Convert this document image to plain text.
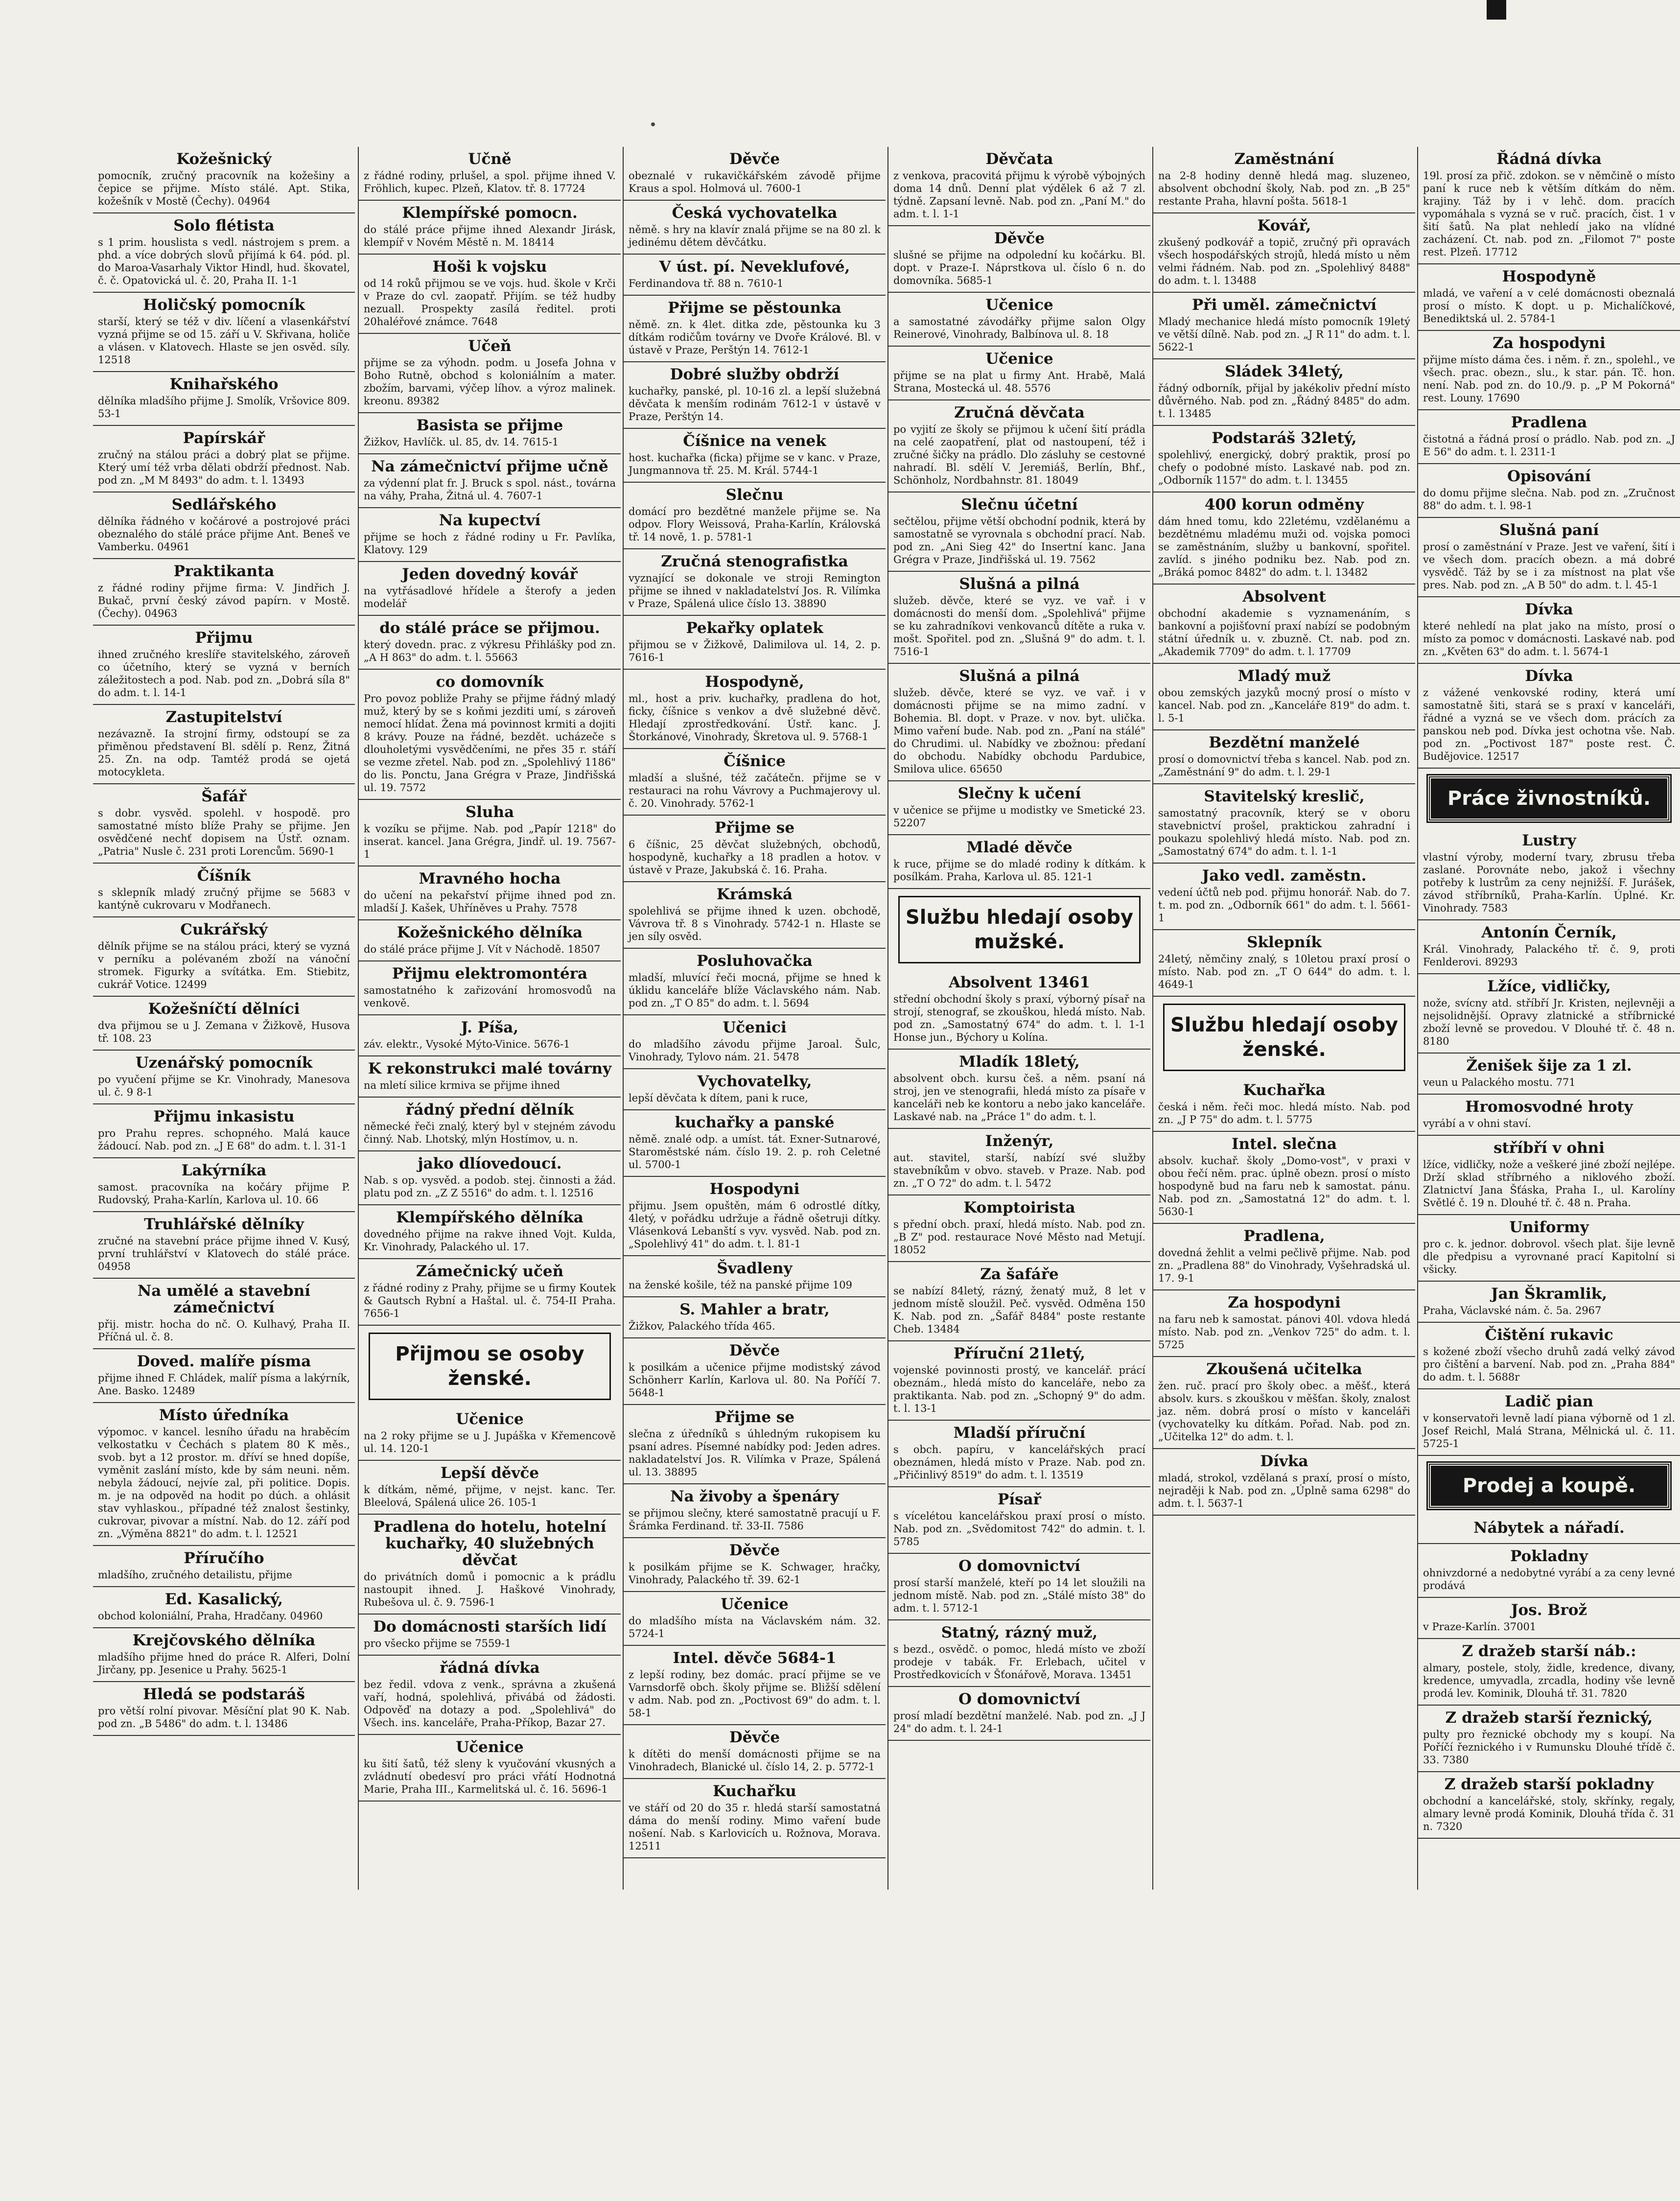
Kožešnický
pomocník, zručný pracovník na kožešiny a čepice se přijme. Místo stálé. Apt. Stika, kožešník v Mostě (Čechy). 04964
Solo flétista
s 1 prim. houslista s vedl. nástrojem s prem. a phd. a více dobrých slovů přijímá k 64. pód. pl. do Maroa-Vasarhaly Viktor Hindl, hud. škovatel, č. č. Opatovická ul. č. 20, Praha II. 1-1
Holičský pomocník
starší, který se též v div. líčení a vlasenkářství vyzná přijme se od 15. září u V. Skřivana, holiče a vlásen. v Klatovech. Hlaste se jen osvěd. síly. 12518
Knihařského
dělníka mladšího přijme J. Smolík, Vršovice 809. 53-1
Papírskář
zručný na stálou práci a dobrý plat se přijme. Který umí též vrba dělati obdrží přednost. Nab. pod zn. „M M 8493" do adm. t. l. 13493
Sedlářského
dělníka řádného v kočárové a postrojové práci obeznalého do stálé práce přijme Ant. Beneš ve Vamberku. 04961
Praktikanta
z řádné rodiny přijme firma: V. Jindřich J. Bukač, první český závod papírn. v Mostě. (Čechy). 04963
Přijmu
ihned zručného kreslíře stavitelského, zároveň co účetního, který se vyzná v berních záležitostech a pod. Nab. pod zn. „Dobrá síla 8" do adm. t. l. 14-1
Zastupitelství
nezávazně. Ia strojní firmy, odstoupí se za přiměnou představení Bl. sdělí p. Renz, Žitná 25. Zn. na odp. Tamtéž prodá se ojetá motocykleta.
Šafář
s dobr. vysvěd. spolehl. v hospodě. pro samostatné místo blíže Prahy se přijme. Jen osvědčené nechť dopisem na Ústř. oznam. „Patria" Nusle č. 231 proti Lorencům. 5690-1
Číšník
s sklepník mladý zručný přijme se 5683 v kantýně cukrovaru v Modřanech.
Cukrářský
dělník přijme se na stálou práci, který se vyzná v perníku a polévaném zboží na vánoční stromek. Figurky a svítátka. Em. Stiebitz, cukrář Votice. 12499
Kožešníčtí dělníci
dva přijmou se u J. Zemana v Žižkově, Husova tř. 108. 23
Uzenářský pomocník
po vyučení přijme se Kr. Vinohrady, Manesova ul. č. 9 8-1
Přijmu inkasistu
pro Prahu repres. schopného. Malá kauce žádoucí. Nab. pod zn. „J E 68" do adm. t. l. 31-1
Lakýrníka
samost. pracovníka na kočáry přijme P. Rudovský, Praha-Karlín, Karlova ul. 10. 66
Truhlářské dělníky
zručné na stavební práce přijme ihned V. Kusý, první truhlářství v Klatovech do stálé práce. 04958
Na umělé a stavební zámečnictví
přij. mistr. hocha do nč. O. Kulhavý, Praha II. Příčná ul. č. 8.
Doved. malíře písma
přijme ihned F. Chládek, malíř písma a lakýrník, Ane. Basko. 12489
Místo úředníka
výpomoc. v kancel. lesního úřadu na hraběcím velkostatku v Čechách s platem 80 K měs., svob. byt a 12 prostor. m. dříví se hned dopíše, vyměnit zaslání místo, kde by sám neuni. něm. nebyla žádoucí, nejvíe zal, při politice. Dopis. m. je na odpověd na hodit po dúch. a ohlásit stav vyhlaskou., případné též znalost šestinky, cukrovar, pivovar a místní. Nab. do 12. září pod zn. „Výměna 8821" do adm. t. l. 12521
Příručího
mladšího, zručného detailistu, přijme
Ed. Kasalický,
obchod koloniální, Praha, Hradčany. 04960
Krejčovského dělníka
mladšího přijme hned do práce R. Alferi, Dolní Jirčany, pp. Jesenice u Prahy. 5625-1
Hledá se podstaráš
pro větší rolní pivovar. Měsíční plat 90 K. Nab. pod zn. „B 5486" do adm. t. l. 13486
Učně
z řádné rodiny, prlušel, a spol. přijme ihned V. Fröhlich, kupec. Plzeň, Klatov. tř. 8. 17724
Klempířské pomocn.
do stálé práce přijme ihned Alexandr Jirásk, klempíř v Novém Městě n. M. 18414
Hoši k vojsku
od 14 roků přijmou se ve vojs. hud. škole v Krči v Praze do cvl. zaopatř. Přijím. se též hudby nezuall. Prospekty zasílá ředitel. proti 20haléřové známce. 7648
Učeň
přijme se za výhodn. podm. u Josefa Johna v Boho Rutně, obchod s koloniálním a mater. zbožím, barvami, výčep líhov. a výroz malinek. kreonu. 89382
Basista se přijme
Žižkov, Havlíčk. ul. 85, dv. 14. 7615-1
Na zámečnictví přijme učně
za výdenní plat fr. J. Bruck s spol. nást., továrna na váhy, Praha, Žitná ul. 4. 7607-1
Na kupectví
přijme se hoch z řádné rodiny u Fr. Pavlíka, Klatovy. 129
Jeden dovedný kovář
na vytřásadlové hřídele a šterofy a jeden modelář
do stálé práce se přijmou.
který dovedn. prac. z výkresu Přihlášky pod zn. „A H 863" do adm. t. l. 55663
co domovník
Pro povoz pobliže Prahy se přijme řádný mladý muž, který by se s koňmi jezditi umí, s zároveň nemocí hlídat. Žena má povinnost krmiti a dojiti 8 krávy. Pouze na řádné, bezdět. ucházeče s dlouholetými vysvědčeními, ne přes 35 r. stáří se vezme zřetel. Nab. pod zn. „Spolehlivý 1186" do lis. Ponctu, Jana Grégra v Praze, Jindřišská ul. 19. 7572
Sluha
k vozíku se přijme. Nab. pod „Papír 1218" do inserat. kancel. Jana Grégra, Jindř. ul. 19. 7567-1
Mravného hocha
do učení na pekařství přijme ihned pod zn. mladší J. Kašek, Uhříněves u Prahy. 7578
Kožešnického dělníka
do stálé práce přijme J. Vít v Náchodě. 18507
Přijmu elektromontéra
samostatného k zařizování hromosvodů na venkově.
J. Píša,
záv. elektr., Vysoké Mýto-Vinice. 5676-1
K rekonstrukci malé továrny
na mletí silice krmiva se přijme ihned
řádný přední dělník
německé řeči znalý, který byl v stejném závodu činný. Nab. Lhotský, mlýn Hostímov, u. n.
jako dlíovedoucí.
Nab. s op. vysvěd. a podob. stej. činnosti a žád. platu pod zn. „Z Z 5516" do adm. t. l. 12516
Klempířského dělníka
dovedného přijme na rakve ihned Vojt. Kulda, Kr. Vinohrady, Palackého ul. 17.
Zámečnický učeň
z řádné rodiny z Prahy, přijme se u firmy Koutek & Gautsch Rybní a Haštal. ul. č. 754-II Praha. 7656-1
Přijmou se osoby ženské.
Učenice
na 2 roky přijme se u J. Jupáška v Křemencově ul. 14. 120-1
Lepší děvče
k dítkám, němé, přijme, v nejst. kanc. Ter. Bleelová, Spálená ulice 26. 105-1
Pradlena do hotelu, hotelní kuchařky, 40 služebných děvčat
do privátních domů i pomocnic a k prádlu nastoupit ihned. J. Haškové Vinohrady, Rubešova ul. č. 9. 7596-1
Do domácnosti starších lidí
pro všecko přijme se 7559-1
řádná dívka
bez ředil. vdova z venk., správna a zkušená vaří, hodná, spolehlivá, přivábá od žádosti. Odpověď na dotazy a pod. „Spolehlivá" do Všech. ins. kanceláře, Praha-Příkop, Bazar 27.
Učenice
ku šití šatů, též sleny k vyučování vkusných a zvládnutí obedesví pro práci vřátí Hodnotná Marie, Praha III., Karmelitská ul. č. 16. 5696-1
Děvče
obeznalé v rukavičkářském závodě přijme Kraus a spol. Holmová ul. 7600-1
Česká vychovatelka
němě. s hry na klavír znalá přijme se na 80 zl. k jedinému dětem děvčátku.
V úst. pí. Neveklufové,
Ferdinandova tř. 88 n. 7610-1
Přijme se pěstounka
němě. zn. k 4let. ditka zde, pěstounka ku 3 dítkám rodičům továrny ve Dvoře Králové. Bl. v ústavě v Praze, Perštýn 14. 7612-1
Dobré služby obdrží
kuchařky, panské, pl. 10-16 zl. a lepší služebná děvčata k menším rodinám 7612-1 v ústavě v Praze, Perštýn 14.
Číšnice na venek
host. kuchařka (ficka) přijme se v kanc. v Praze, Jungmannova tř. 25. M. Král. 5744-1
Slečnu
domácí pro bezdětné manžele přijme se. Na odpov. Flory Weissová, Praha-Karlín, Královská tř. 14 nově, 1. p. 5781-1
Zručná stenografistka
vyznající se dokonale ve stroji Remington přijme se ihned v nakladatelství Jos. R. Vilímka v Praze, Spálená ulice číslo 13. 38890
Pekařky oplatek
přijmou se v Žižkově, Dalimilova ul. 14, 2. p. 7616-1
Hospodyně,
ml., host a priv. kuchařky, pradlena do hot, ficky, číšnice s venkov a dvě služebné děvč. Hledají zprostředkování. Ústř. kanc. J. Štorkánové, Vinohrady, Škretova ul. 9. 5768-1
Číšnice
mladší a slušné, též začátečn. přijme se v restauraci na rohu Vávrovy a Puchmajerovy ul. č. 20. Vinohrady. 5762-1
Přijme se
6 číšnic, 25 děvčat služebných, obchodů, hospodyně, kuchařky a 18 pradlen a hotov. v ústavě v Praze, Jakubská č. 16. Praha.
Krámská
spolehlivá se přijme ihned k uzen. obchodě, Vávrova tř. 8 s Vinohrady. 5742-1 n. Hlaste se jen síly osvěd.
Posluhovačka
mladší, mluvící řeči mocná, přijme se hned k úklidu kanceláře blíže Václavského nám. Nab. pod zn. „T O 85" do adm. t. l. 5694
Učenici
do mladšího závodu přijme Jaroal. Šulc, Vinohrady, Tylovo nám. 21. 5478
Vychovatelky,
lepší děvčata k dítem, pani k ruce,
kuchařky a panské
němě. znalé odp. a umíst. tát. Exner-Sutnarové, Staroměstské nám. číslo 19. 2. p. roh Celetné ul. 5700-1
Hospodyni
přijmu. Jsem opuštěn, mám 6 odrostlé dítky, 4letý, v pořádku udržuje a řádně ošetruji dítky. Vlásenková Lebanští s vyv. vysvěd. Nab. pod zn. „Spolehlivý 41" do adm. t. l. 81-1
Švadleny
na ženské košile, též na panské přijme 109
S. Mahler a bratr,
Žižkov, Palackého třída 465.
Děvče
k posilkám a učenice přijme modistský závod Schönherr Karlín, Karlova ul. 80. Na Poříčí 7. 5648-1
Přijme se
slečna z úředníků s úhledným rukopisem ku psaní adres. Písemné nabídky pod: Jeden adres. nakladatelství Jos. R. Vilímka v Praze, Spálená ul. 13. 38895
Na živoby a špenáry
se přijmou slečny, které samostatně pracují u F. Šrámka Ferdinand. tř. 33-II. 7586
Děvče
k posilkám přijme se K. Schwager, hračky, Vinohrady, Palackého tř. 39. 62-1
Učenice
do mladšího místa na Václavském nám. 32. 5724-1
Intel. děvče 5684-1
z lepší rodiny, bez domác. prací přijme se ve Varnsdorfě obch. školy přijme se. Bližší sdělení v adm. Nab. pod zn. „Poctivost 69" do adm. t. l. 58-1
Děvče
k dítěti do menší domácnosti přijme se na Vinohradech, Blanické ul. číslo 14, 2. p. 5772-1
Kuchařku
ve stáří od 20 do 35 r. hledá starší samostatná dáma do menší rodiny. Mimo vaření bude nošení. Nab. s Karlovicích u. Rožnova, Morava. 12511
Děvčata
z venkova, pracovitá přijmu k výrobě výbojných doma 14 dnů. Denní plat výdělek 6 až 7 zl. týdně. Zapsaní levně. Nab. pod zn. „Paní M." do adm. t. l. 1-1
Děvče
slušné se přijme na odpolední ku kočárku. Bl. dopt. v Praze-I. Náprstkova ul. číslo 6 n. do domovníka. 5685-1
Učenice
a samostatné závodářky přijme salon Olgy Reinerové, Vinohrady, Balbínova ul. 8. 18
Učenice
přijme se na plat u firmy Ant. Hrabě, Malá Strana, Mostecká ul. 48. 5576
Zručná děvčata
po vyjití ze školy se přijmou k učení šití prádla na celé zaopatření, plat od nastoupení, též i zručné šičky na prádlo. Dlo zásluhy se cestovné nahradí. Bl. sdělí V. Jeremiáš, Berlín, Bhf., Schönholz, Nordbahnstr. 81. 18049
Slečnu účetní
sečtělou, přijme větší obchodní podnik, která by samostatně se vyrovnala s obchodní prací. Nab. pod zn. „Ani Sieg 42" do Insertní kanc. Jana Grégra v Praze, Jindřišská ul. 19. 7562
Slušná a pilná
služeb. děvče, které se vyz. ve vař. i v domácnosti do menší dom. „Spolehlivá" přijme se ku zahradníkovi venkovanců dítěte a ruka v. mošt. Spořitel. pod zn. „Slušná 9" do adm. t. l. 7516-1
Slušná a pilná
služeb. děvče, které se vyz. ve vař. i v domácnosti přijme se na mimo zadní. v Bohemia. Bl. dopt. v Praze. v nov. byt. ulička. Mimo vaření bude. Nab. pod zn. „Paní na stálé" do Chrudimi. ul. Nabídky ve zbožnou: předaní do obchodu. Nabídky obchodu Pardubice, Smilova ulice. 65650
Slečny k učení
v učenice se přijme u modistky ve Smetické 23. 52207
Mladé děvče
k ruce, přijme se do mladé rodiny k dítkám. k posílkám. Praha, Karlova ul. 85. 121-1
Službu hledají osoby mužské.
Absolvent 13461
střední obchodní školy s praxí, výborný písař na strojí, stenograf, se zkouškou, hledá místo. Nab. pod zn. „Samostatný 674" do adm. t. l. 1-1 Honse jun., Býchory u Kolína.
Mladík 18letý,
absolvent obch. kursu češ. a něm. psaní ná stroj, jen ve stenografii, hledá místo za písaře v kanceláři neb ke kontoru a nebo jako kanceláře. Laskavé nab. na „Práce 1" do adm. t. l.
Inženýr,
aut. stavitel, starší, nabízí své služby stavebníkům v obvo. staveb. v Praze. Nab. pod zn. „T O 72" do adm. t. l. 5472
Komptoirista
s přední obch. praxí, hledá místo. Nab. pod zn. „B Z" pod. restaurace Nové Město nad Metují. 18052
Za šafáře
se nabízí 84letý, rázný, ženatý muž, 8 let v jednom místě sloužil. Peč. vysvěd. Odměna 150 K. Nab. pod zn. „Šafář 8484" poste restante Cheb. 13484
Příruční 21letý,
vojenské povinnosti prostý, ve kancelář. prácí obeznám., hledá místo do kanceláře, nebo za praktikanta. Nab. pod zn. „Schopný 9" do adm. t. l. 13-1
Mladší příruční
s obch. papíru, v kancelářských prací obeznámen, hledá místo v Praze. Nab. pod zn. „Přičinlivý 8519" do adm. t. l. 13519
Písař
s vícelétou kancelářskou praxí prosí o místo. Nab. pod zn. „Svědomitost 742" do admin. t. l. 5785
O domovnictví
prosí starší manželé, kteří po 14 let sloužili na jednom místě. Nab. pod zn. „Stálé místo 38" do adm. t. l. 5712-1
Statný, rázný muž,
s bezd., osvědč. o pomoc, hledá místo ve zboží prodeje v tabák. Fr. Erlebach, učitel v Prostředkovicích v Šťonářově, Morava. 13451
O domovnictví
prosí mladí bezdětní manželé. Nab. pod zn. „J J 24" do adm. t. l. 24-1
Zaměstnání
na 2-8 hodiny denně hledá mag. sluzeneo, absolvent obchodní školy, Nab. pod zn. „B 25" restante Praha, hlavní pošta. 5618-1
Kovář,
zkušený podkovář a topič, zručný při opravách všech hospodářských strojů, hledá místo u něm velmi řádném. Nab. pod zn. „Spolehlivý 8488" do adm. t. l. 13488
Při uměl. zámečnictví
Mladý mechanice hledá místo pomocník 19letý ve větší dílně. Nab. pod zn. „J R 11" do adm. t. l. 5622-1
Sládek 34letý,
řádný odborník, přijal by jakékoliv přední místo důvěrného. Nab. pod zn. „Řádný 8485" do adm. t. l. 13485
Podstaráš 32letý,
spolehlivý, energický, dobrý praktik, prosí po chefy o podobné místo. Laskavé nab. pod zn. „Odborník 1157" do adm. t. l. 13455
400 korun odměny
dám hned tomu, kdo 22letému, vzdělanému a bezdětnému mladému muži od. vojska pomoci se zaměstnáním, služby u bankovní, spořitel. zavlíd. s jiného podniku bez. Nab. pod zn. „Bráká pomoc 8482" do adm. t. l. 13482
Absolvent
obchodní akademie s vyznamenáním, s bankovní a pojišťovní praxí nabízí se podobným státní úředník u. v. zbuzně. Ct. nab. pod zn. „Akademik 7709" do adm. t. l. 17709
Mladý muž
obou zemských jazyků mocný prosí o místo v kancel. Nab. pod zn. „Kanceláře 819" do adm. t. l. 5-1
Bezdětní manželé
prosí o domovnictví třeba s kancel. Nab. pod zn. „Zaměstnání 9" do adm. t. l. 29-1
Stavitelský kreslič,
samostatný pracovník, který se v oboru stavebnictví prošel, praktickou zahradní i poukazu spolehlivý hledá místo. Nab. pod zn. „Samostatný 674" do adm. t. l. 1-1
Jako vedl. zaměstn.
vedení účtů neb pod. přijmu honorář. Nab. do 7. t. m. pod zn. „Odborník 661" do adm. t. l. 5661-1
Sklepník
24letý, němčiny znalý, s 10letou praxí prosí o místo. Nab. pod zn. „T O 644" do adm. t. l. 4649-1
Službu hledají osoby ženské.
Kuchařka
česká i něm. řeči moc. hledá místo. Nab. pod zn. „J P 75" do adm. t. l. 5775
Intel. slečna
absolv. kuchař. školy „Domo-vost", v praxi v obou řečí něm. prac. úplně obezn. prosí o místo hospodyně bud na faru neb k samostat. pánu. Nab. pod zn. „Samostatná 12" do adm. t. l. 5630-1
Pradlena,
dovedná žehlit a velmi pečlivě přijme. Nab. pod zn. „Pradlena 88" do Vinohrady, Vyšehradská ul. 17. 9-1
Za hospodyni
na faru neb k samostat. pánovi 40l. vdova hledá místo. Nab. pod zn. „Venkov 725" do adm. t. l. 5725
Zkoušená učitelka
žen. ruč. prací pro školy obec. a měšť., která absolv. kurs. s zkouškou v měšťan. školy, znalost jaz. něm. dobrá prosí o místo v kanceláři (vychovatelky ku dítkám. Pořad. Nab. pod zn. „Učitelka 12" do adm. t. l.
Dívka
mladá, strokol, vzdělaná s praxí, prosí o místo, nejraději k Nab. pod zn. „Úplně sama 6298" do adm. t. l. 5637-1
Řádná dívka
19l. prosí za přič. zdokon. se v němčině o místo paní k ruce neb k větším dítkám do něm. krajiny. Táž by i v lehč. dom. pracích vypomáhala s vyzná se v ruč. pracích, čist. 1 v šití šatů. Na plat nehledí jako na vlídné zacházení. Ct. nab. pod zn. „Filomot 7" poste rest. Plzeň. 17712
Hospodyně
mladá, ve vaření a v celé domácnosti obeznalá prosí o místo. K dopt. u p. Michalíčkové, Benediktská ul. 2. 5784-1
Za hospodyni
přijme místo dáma čes. i něm. ř. zn., spolehl., ve všech. prac. obezn., slu., k star. pán. Tč. hon. není. Nab. pod zn. do 10./9. p. „P M Pokorná" rest. Louny. 17690
Pradlena
čistotná a řádná prosí o prádlo. Nab. pod zn. „J E 56" do adm. t. l. 2311-1
Opisování
do domu přijme slečna. Nab. pod zn. „Zručnost 88" do adm. t. l. 98-1
Slušná paní
prosí o zaměstnání v Praze. Jest ve vaření, šití i ve všech dom. pracích obezn. a má dobré vysvědč. Táž by se i za místnost na plat vše pres. Nab. pod zn. „A B 50" do adm. t. l. 45-1
Dívka
které nehledí na plat jako na místo, prosí o místo za pomoc v domácnosti. Laskavé nab. pod zn. „Květen 63" do adm. t. l. 5674-1
Dívka
z vážené venkovské rodiny, která umí samostatně šiti, stará se s praxí v kanceláři, řádné a vyzná se ve všech dom. prácích za panskou neb pod. Dívka jest ochotna vše. Nab. pod zn. „Poctivost 187" poste rest. Č. Budějovice. 12517
Práce živnostníků.
Lustry
vlastní výroby, moderní tvary, zbrusu třeba zaslané. Porovnáte nebo, jakož i všechny potřeby k lustrům za ceny nejnižší. F. Jurášek, závod stříbrníků, Praha-Karlín. Úplné. Kr. Vinohrady. 7583
Antonín Černík,
Král. Vinohrady, Palackého tř. č. 9, proti Fenlderovi. 89293
Lžíce, vidličky,
nože, svícny atd. stříbří Jr. Kristen, nejlevněji a nejsolidnější. Opravy zlatnické a stříbrnické zboží levně se provedou. V Dlouhé tř. č. 48 n. 8180
Ženišek šije za 1 zl.
veun u Palackého mostu. 771
Hromosvodné hroty
vyrábí a v ohni staví.
stříbří v ohni
lžíce, vidličky, nože a veškeré jiné zboží nejlépe. Drží sklad stříbrného a niklového zboží. Zlatnictví Jana Šťáska, Praha I., ul. Karolíny Světlé č. 19 n. Dlouhé tř. č. 48 n. Praha.
Uniformy
pro c. k. jednor. dobrovol. všech plat. šije levně dle předpisu a vyrovnané prací Kapitolní si všicky.
Jan Škramlik,
Praha, Václavské nám. č. 5a. 2967
Čištění rukavic
s kožené zboží všecho druhů zadá velký závod pro čištění a barvení. Nab. pod zn. „Praha 884" do adm. t. l. 5688r
Ladič pian
v konservatoři levně ladí piana výborně od 1 zl. Josef Reichl, Malá Strana, Mělnická ul. č. 11. 5725-1
Prodej a koupě.
Nábytek a nářadí.
Pokladny
ohnivzdorné a nedobytné vyrábí a za ceny levné prodává
Jos. Brož
v Praze-Karlín. 37001
Z dražeb starší náb.:
almary, postele, stoly, židle, kredence, divany, kredence, umyvadla, zrcadla, hodiny vše levně prodá lev. Kominik, Dlouhá tř. 31. 7820
Z dražeb starší řeznický,
pulty pro řeznické obchody my s koupí. Na Poříčí řeznického i v Rumunsku Dlouhé třídě č. 33. 7380
Z dražeb starší pokladny
obchodní a kancelářské, stoly, skřínky, regaly, almary levně prodá Kominik, Dlouhá třída č. 31 n. 7320
